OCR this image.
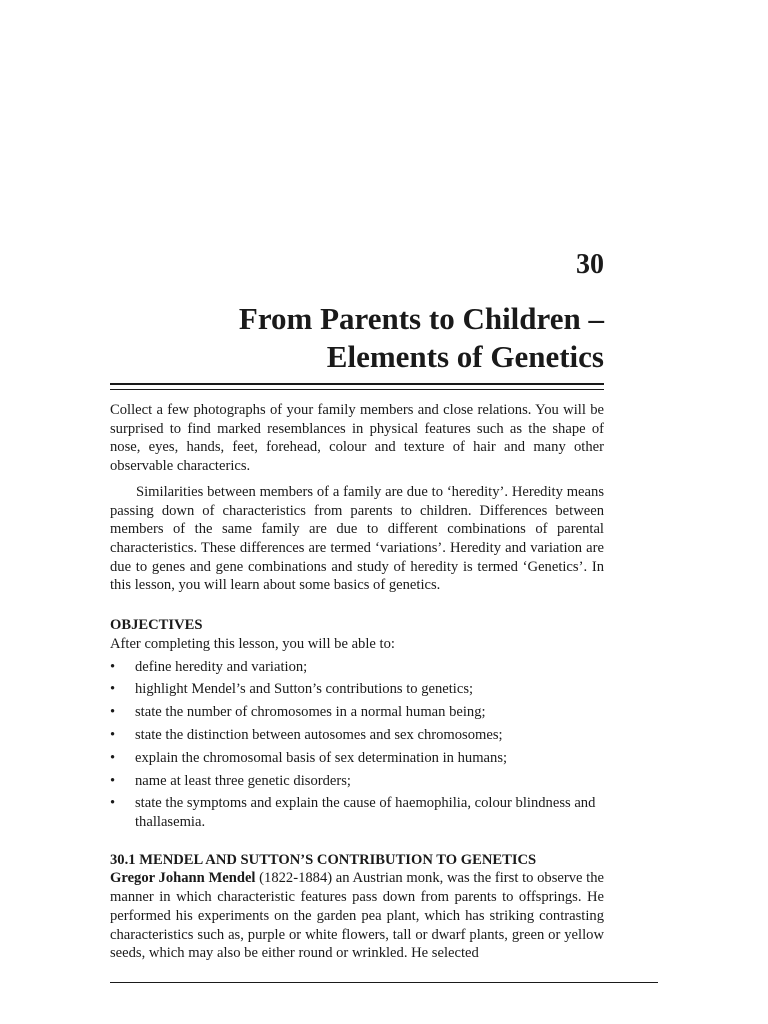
30
From Parents to Children –
Elements of Genetics

Collect a few photographs of your family members and close relations. You will be surprised to find marked resemblances in physical features such as the shape of nose, eyes, hands, feet, forehead, colour and texture of hair and many other observable characterics.

Similarities between members of a family are due to ‘heredity’. Heredity means passing down of characteristics from parents to children. Differences between members of the same family are due to different combinations of parental characteristics. These differences are termed ‘variations’. Heredity and variation are due to genes and gene combinations and study of heredity is termed ‘Genetics’. In this lesson, you will learn about some basics of genetics.

OBJECTIVES

After completing this lesson, you will be able to:

• define heredity and variation;
• highlight Mendel’s and Sutton’s contributions to genetics;
• state the number of chromosomes in a normal human being;
• state the distinction between autosomes and sex chromosomes;
• explain the chromosomal basis of sex determination in humans;
• name at least three genetic disorders;
• state the symptoms and explain the cause of haemophilia, colour blindness and thallasemia.
30.1 MENDEL AND SUTTON’S CONTRIBUTION TO GENETICS

Gregor Johann Mendel (1822-1884) an Austrian monk, was the first to observe the manner in which characteristic features pass down from parents to offsprings. He performed his experiments on the garden pea plant, which has striking contrasting characteristics such as, purple or white flowers, tall or dwarf plants, green or yellow seeds, which may also be either round or wrinkled. He selected
